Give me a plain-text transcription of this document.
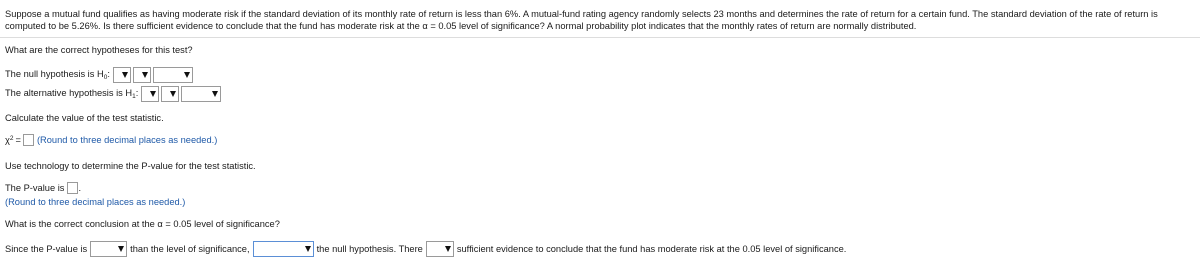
Suppose a mutual fund qualifies as having moderate risk if the standard deviation of its monthly rate of return is less than 6%. A mutual-fund rating agency randomly selects 23 months and determines the rate of return for a certain fund. The standard deviation of the rate of return is computed to be 5.26%. Is there sufficient evidence to conclude that the fund has moderate risk at the α = 0.05 level of significance? A normal probability plot indicates that the monthly rates of return are normally distributed.
What are the correct hypotheses for this test?
The null hypothesis is $H_0$:
The alternative hypothesis is $H_1$:
Calculate the value of the test statistic.
$\chi^2$ = (Round to three decimal places as needed.)
Use technology to determine the P-value for the test statistic.
The P-value is .
(Round to three decimal places as needed.)
What is the correct conclusion at the α = 0.05 level of significance?
Since the P-value is	than the level of significance,	the null hypothesis. There	sufficient evidence to conclude that the fund has moderate risk at the 0.05 level of significance.
